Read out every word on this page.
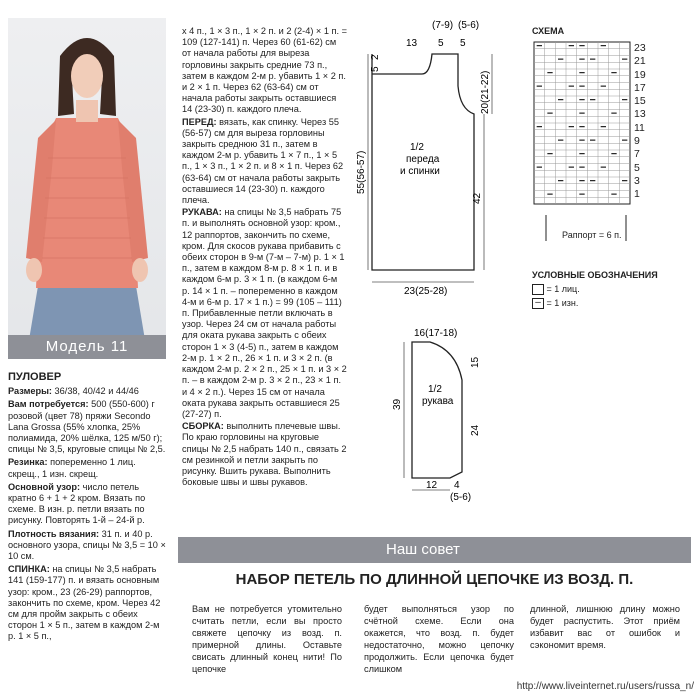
Модель 11

ПУЛОВЕР

Размеры: 36/38, 40/42 и 44/46

Вам потребуется: 500 (550-600) г розовой (цвет 78) пряжи Secondo Lana Grossa (55% хлопка, 25% полиамида, 20% шёлка, 125 м/50 г); спицы № 3,5, круговые спицы № 2,5.

Резинка: попеременно 1 лиц. скрещ., 1 изн. скрещ.

Основной узор: число петель кратно 6 + 1 + 2 кром. Вязать по схеме. В изн. р. петли вязать по рисунку. Повторять 1-й – 24-й р.

Плотность вязания: 31 п. и 40 р. основного узора, спицы № 3,5 = 10 × 10 см.

СПИНКА: на спицы № 3,5 набрать 141 (159-177) п. и вязать основным узор: кром., 23 (26-29) раппортов, закончить по схеме, кром. Через 42 см для пройм закрыть с обеих сторон 1 × 5 п., затем в каждом 2-м р. 1 × 5 п.,

х 4 п., 1 × 3 п., 1 × 2 п. и 2 (2-4) × 1 п. = 109 (127-141) п. Через 60 (61-62) см от начала работы для выреза горловины закрыть средние 73 п., затем в каждом 2-м р. убавить 1 × 2 п. и 2 × 1 п. Через 62 (63-64) см от начала работы закрыть оставшиеся 14 (23-30) п. каждого плеча.

ПЕРЕД: вязать, как спинку. Через 55 (56-57) см для выреза горловины закрыть среднюю 31 п., затем в каждом 2-м р. убавить 1 × 7 п., 1 × 5 п., 1 × 3 п., 1 × 2 п. и 8 × 1 п. Через 62 (63-64) см от начала работы закрыть оставшиеся 14 (23-30) п. каждого плеча.

РУКАВА: на спицы № 3,5 набрать 75 п. и выполнять основной узор: кром., 12 раппортов, закончить по схеме, кром. Для скосов рукава прибавить с обеих сторон в 9-м (7-м – 7-м) р. 1 × 1 п., затем в каждом 8-м р. 8 × 1 п. и в каждом 6-м р. 3 × 1 п. (в каждом 6-м р. 14 × 1 п. – попеременно в каждом 4-м и 6-м р. 17 × 1 п.) = 99 (105 – 111) п. Прибавленные петли включать в узор. Через 24 см от начала работы для оката рукава закрыть с обеих сторон 1 × 3 (4-5) п., затем в каждом 2-м р. 1 × 2 п., 26 × 1 п. и 3 × 2 п. (в каждом 2-м р. 2 × 2 п., 25 × 1 п. и 3 × 2 п. – в каждом 2-м р. 3 × 2 п., 23 × 1 п. и 4 × 2 п.). Через 15 см от начала оката рукава закрыть оставшиеся 25 (27-27) п.

СБОРКА: выполнить плечевые швы. По краю горловины на круговые спицы № 2,5 набрать 140 п., связать 2 см резинкой и петли закрыть по рисунку. Вшить рукава. Выполнить боковые швы и швы рукавов.

13 5 5
(7-9) (5-6)
5
2
55(56-57)
20(21-22)
42
1/2
переда
и спинки
23(25-28)
16(17-18)
15
39
24
1/2
рукава
12 4
(5-6)
СХЕМА
23
21
19
17
15
13
11
9
7
5
3
1
Раппорт = 6 п.
УСЛОВНЫЕ ОБОЗНАЧЕНИЯ
= 1 лиц.
– = 1 изн.
Наш совет
НАБОР ПЕТЕЛЬ ПО ДЛИННОЙ ЦЕПОЧКЕ ИЗ ВОЗД. П.
Вам не потребуется утомительно считать петли, если вы просто свяжете цепочку из возд. п. примерной длины. Оставьте свисать длинный конец нити! По цепочке
будет выполняться узор по счётной схеме. Если она окажется, что возд. п. будет недостаточно, можно цепочку продолжить. Если цепочка будет слишком
длинной, лишнюю длину можно будет распустить. Этот приём избавит вас от ошибок и сэкономит время.
http://www.liveinternet.ru/users/russa_n/
